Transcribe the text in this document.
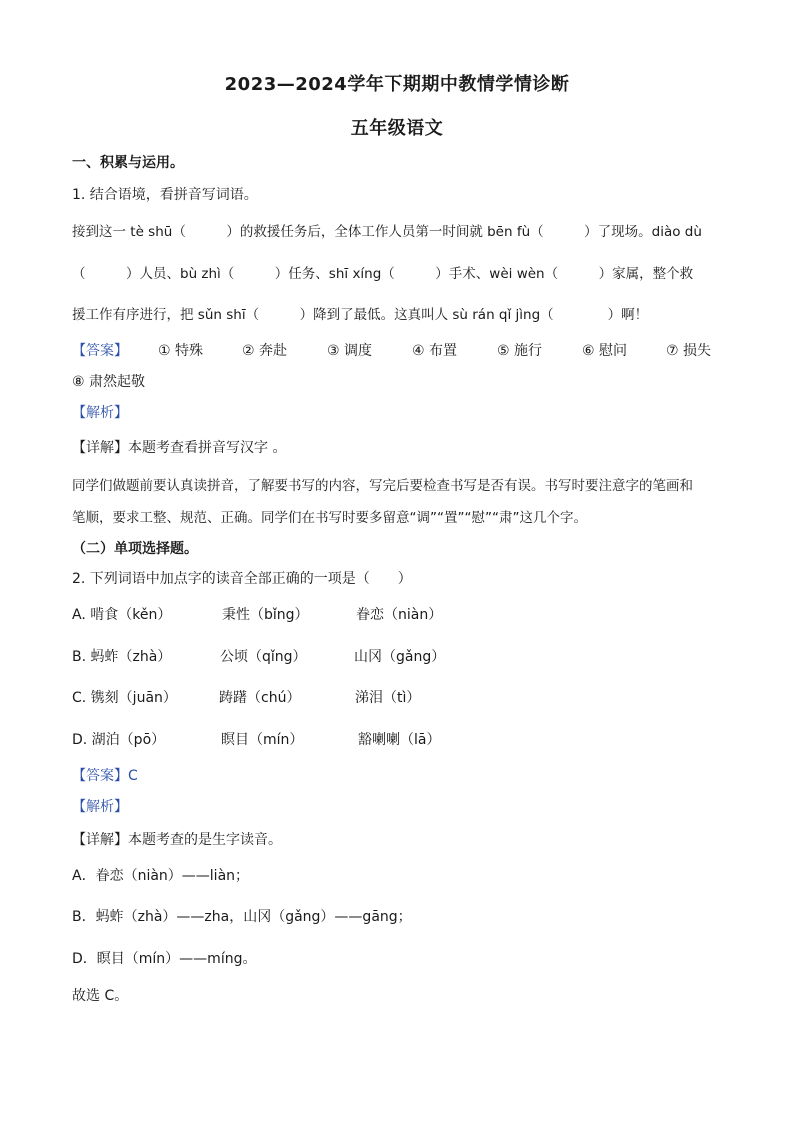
2023—2024学年下期期中教情学情诊断
五年级语文
一、积累与运用。
1. 结合语境，看拼音写词语。
接到这一 tè shū（　　　）的救援任务后，全体工作人员第一时间就 bēn fù（　　　）了现场。diào dù
（　　　）人员、bù zhì（　　　）任务、shī xíng（　　　）手术、wèi wèn（　　　）家属，整个救
援工作有序进行，把 sǔn shī（　　　）降到了最低。这真叫人 sù rán qǐ jìng（　　　　）啊！
【答案】 ① 特殊	② 奔赴	③ 调度	④ 布置	⑤ 施行	⑥ 慰问	⑦ 损失
⑧ 肃然起敬
【解析】
【详解】本题考查看拼音写汉字 。
同学们做题前要认真读拼音，了解要书写的内容，写完后要检查书写是否有误。书写时要注意字的笔画和
笔顺，要求工整、规范、正确。同学们在书写时要多留意“调”“置”“慰”“肃”这几个字。
（二）单项选择题。
2. 下列词语中加点字的读音全部正确的一项是（　　）
A. 啃食（kěn）	秉性（bǐng）	眷恋（niàn）
B. 蚂蚱（zhà）	公顷（qǐng）	山冈（gǎng）
C. 镌刻（juān）	踌躇（chú）	涕泪（tì）
D. 湖泊（pō）	瞑目（mín）	豁喇喇（lā）
【答案】C
【解析】
【详解】本题考查的是生字读音。
A．眷恋（niàn）——liàn；
B．蚂蚱（zhà）——zha，山冈（gǎng）——gāng；
D．瞑目（mín）——míng。
故选 C。
